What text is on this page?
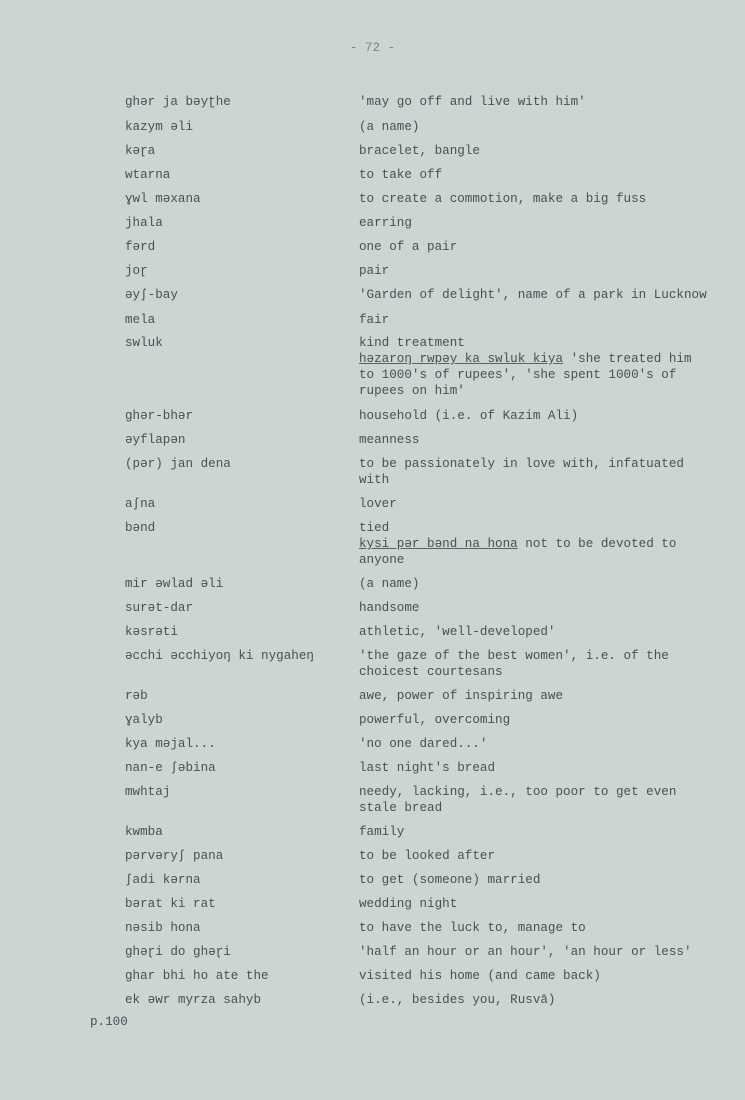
- 72 -
ghər ja bəyʈhe	'may go off and live with him'
kazym əli	(a name)
kəɽa	bracelet, bangle
wtarna	to take off
ɣwl məxana	to create a commotion, make a big fuss
jhala	earring
fərd	one of a pair
joɽ	pair
əyʃ-bay	'Garden of delight', name of a park in Lucknow
mela	fair
swluk	kind treatment
həzaroŋ rwpəy ka swluk kiya 'she treated him to 1000's of rupees', 'she spent 1000's of rupees on him'
ghər-bhər	household (i.e. of Kazim Ali)
əyflapən	meanness
(pər) jan dena	to be passionately in love with, infatuated with
aʃna	lover
bənd	tied
kysi pər bənd na hona not to be devoted to anyone
mir əwlad əli	(a name)
surət-dar	handsome
kəsrəti	athletic, 'well-developed'
əcchi əcchiyoŋ ki nygaheŋ	'the gaze of the best women', i.e. of the choicest courtesans
rəb	awe, power of inspiring awe
ɣalyb	powerful, overcoming
kya məjal...	'no one dared...'
nan-e ʃəbina	last night's bread
mwhtaj	needy, lacking, i.e., too poor to get even stale bread
kwmba	family
pərvəryʃ pana	to be looked after
ʃadi kərna	to get (someone) married
bərat ki rat	wedding night
nəsib hona	to have the luck to, manage to
ghəɽi do ghəɽi	'half an hour or an hour', 'an hour or less'
ghar bhi ho ate the	visited his home (and came back)
ek əwr myrza sahyb	(i.e., besides you, Rusvā)
p.100
